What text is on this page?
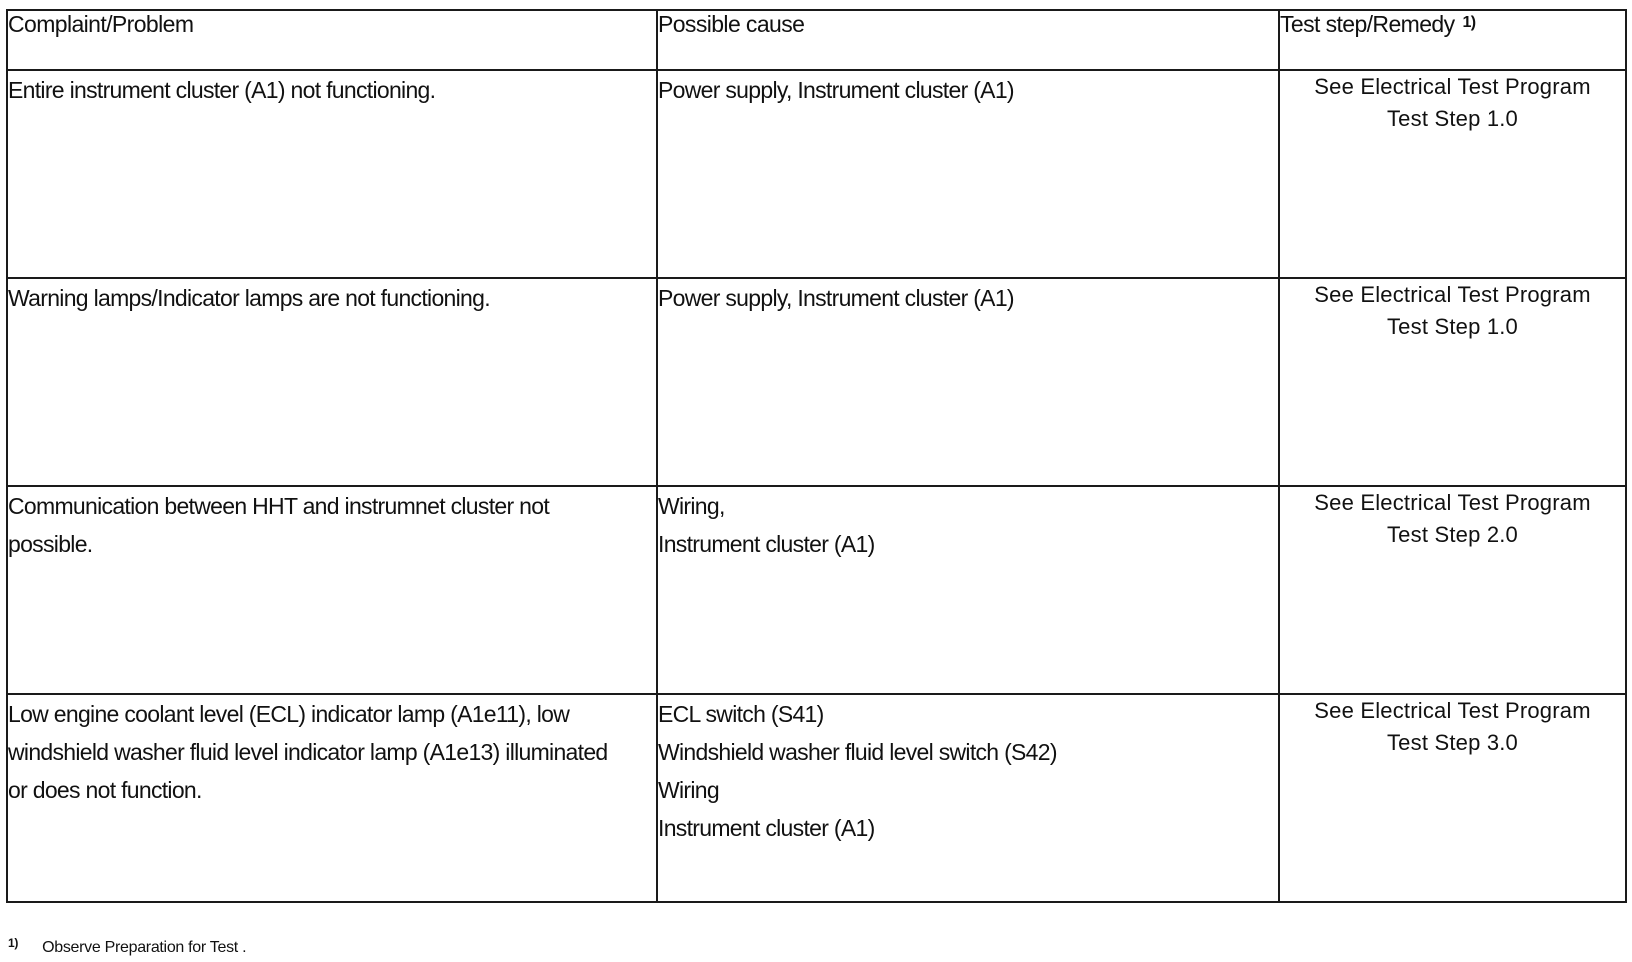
Complaint/Problem	Possible cause	Test step/Remedy $^{1)}$

Entire instrument cluster (A1) not functioning.	Power supply, Instrument cluster (A1)	See Electrical Test Program
Test Step 1.0

Warning lamps/Indicator lamps are not functioning.	Power supply, Instrument cluster (A1)	See Electrical Test Program
Test Step 1.0

Communication between HHT and instrumnet cluster not possible.	Wiring,
Instrument cluster (A1)	See Electrical Test Program
Test Step 2.0

Low engine coolant level (ECL) indicator lamp (A1e11), low windshield washer fluid level indicator lamp (A1e13) illuminated or does not function.	ECL switch (S41)
Windshield washer fluid level switch (S42)
Wiring
Instrument cluster (A1)	See Electrical Test Program
Test Step 3.0
$^{1)}$ Observe Preparation for Test .
